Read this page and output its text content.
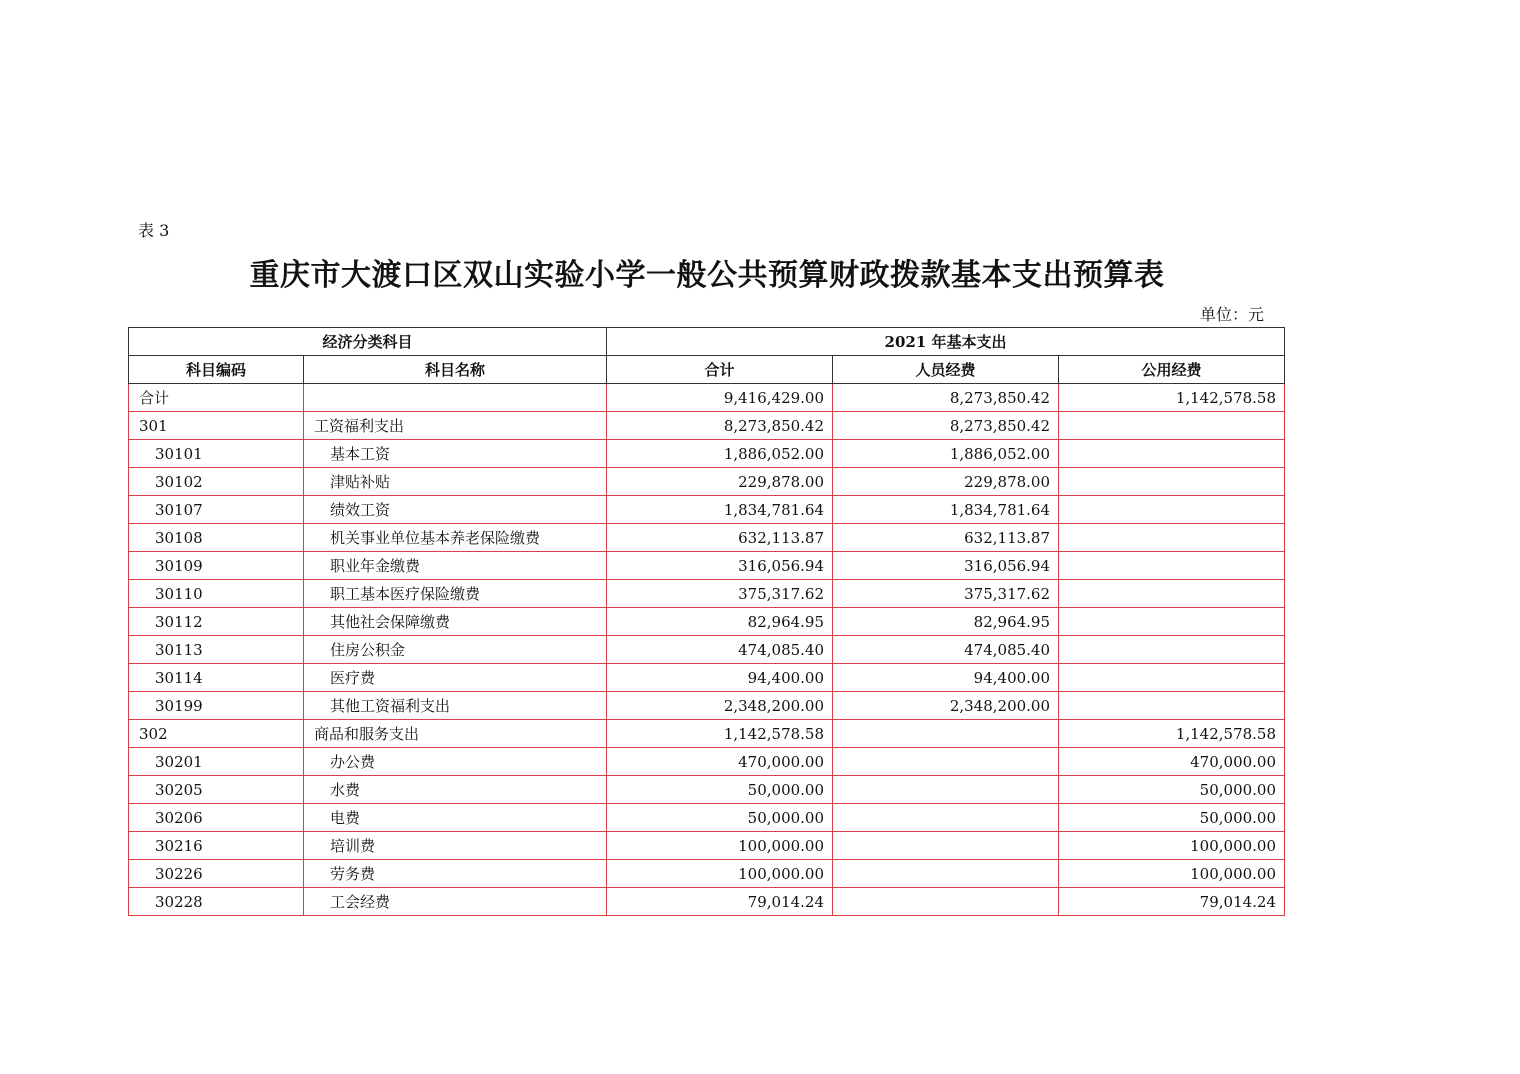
表 3
重庆市大渡口区双山实验小学一般公共预算财政拨款基本支出预算表
单位：元
经济分类科目		2021 年基本支出		
科目编码	科目名称	合计	人员经费	公用经费
合计		9,416,429.00	8,273,850.42	1,142,578.58
301	工资福利支出	8,273,850.42	8,273,850.42	
30101	基本工资	1,886,052.00	1,886,052.00	
30102	津贴补贴	229,878.00	229,878.00	
30107	绩效工资	1,834,781.64	1,834,781.64	
30108	机关事业单位基本养老保险缴费	632,113.87	632,113.87	
30109	职业年金缴费	316,056.94	316,056.94	
30110	职工基本医疗保险缴费	375,317.62	375,317.62	
30112	其他社会保障缴费	82,964.95	82,964.95	
30113	住房公积金	474,085.40	474,085.40	
30114	医疗费	94,400.00	94,400.00	
30199	其他工资福利支出	2,348,200.00	2,348,200.00	
302	商品和服务支出	1,142,578.58		1,142,578.58
30201	办公费	470,000.00		470,000.00
30205	水费	50,000.00		50,000.00
30206	电费	50,000.00		50,000.00
30216	培训费	100,000.00		100,000.00
30226	劳务费	100,000.00		100,000.00
30228	工会经费	79,014.24		79,014.24
